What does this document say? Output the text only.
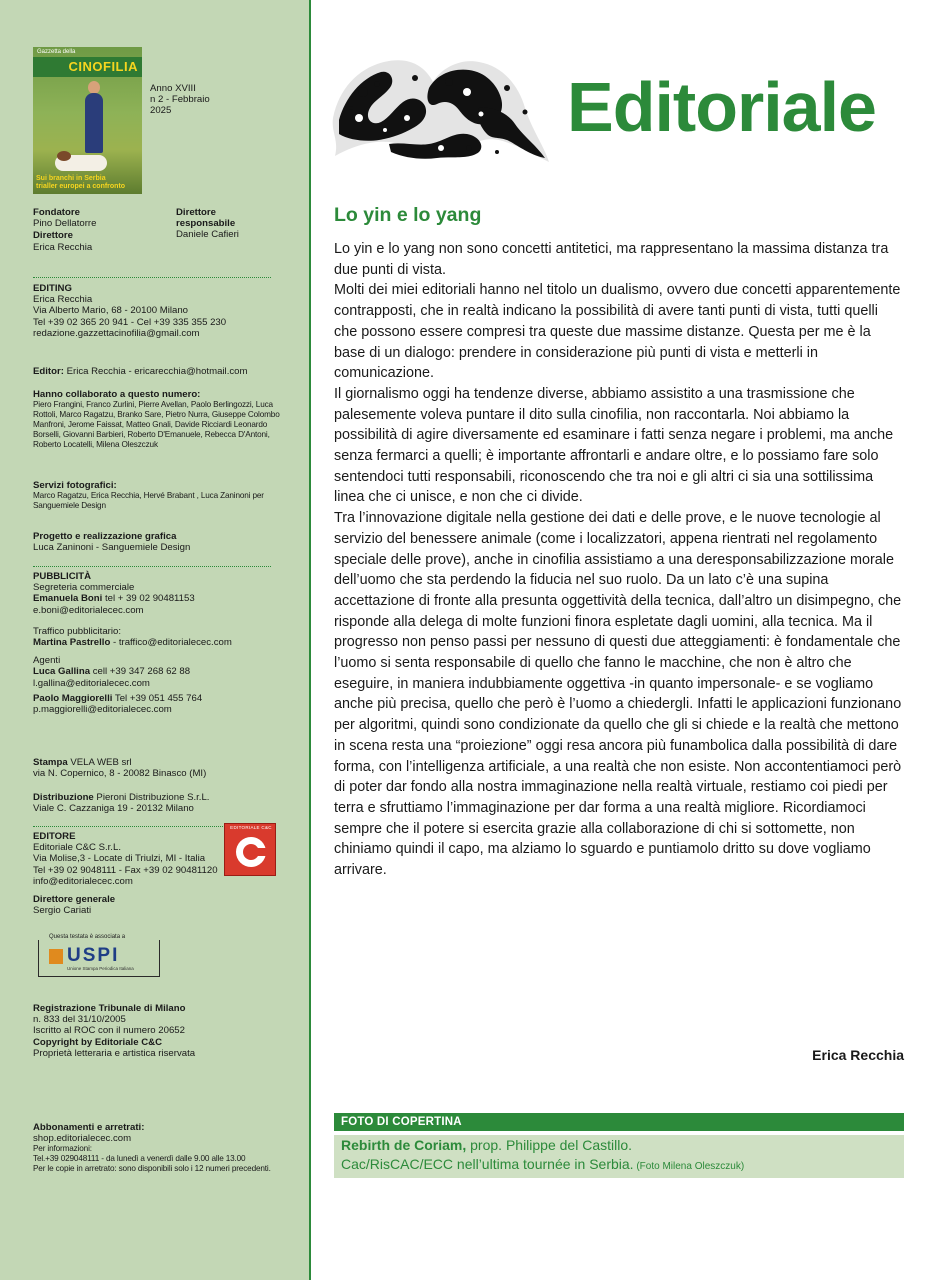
Gazzetta della
CINOFILIA
Sui branchi in Serbia
trialler europei a confronto
Anno XVIII
n 2 - Febbraio
2025
Fondatore
Pino Dellatorre
Direttore
Erica Recchia
Direttore responsabile
Daniele Cafieri
EDITING
Erica Recchia
Via Alberto Mario, 68 - 20100 Milano
Tel +39 02 365 20 941 - Cel +39 335 355 230
redazione.gazzettacinofilia@gmail.com
Editor: Erica Recchia - ericarecchia@hotmail.com
Hanno collaborato a questo numero:
Piero Frangini, Franco Zurlini, Pierre Avellan, Paolo Berlingozzi, Luca Rottoli, Marco Ragatzu, Branko Sare, Pietro Nurra, Giuseppe Colombo Manfroni, Jerome Faissat, Matteo Gnali, Davide Ricciardi Leonardo Borselli, Giovanni Barbieri, Roberto D'Emanuele, Rebecca D'Antoni, Roberto Locatelli, Milena Oleszczuk
Servizi fotografici:
Marco Ragatzu, Erica Recchia, Hervé Brabant , Luca Zaninoni per Sanguemiele Design
Progetto e realizzazione grafica
Luca Zaninoni - Sanguemiele Design
PUBBLICITÀ
Segreteria commerciale
Emanuela Boni tel + 39 02 90481153
e.boni@editorialecec.com
Traffico pubblicitario:
Martina Pastrello - traffico@editorialecec.com
Agenti
Luca Gallina cell +39 347 268 62 88
l.gallina@editorialecec.com
Paolo Maggiorelli Tel +39 051 455 764
p.maggiorelli@editorialecec.com
Stampa VELA WEB srl
via N. Copernico, 8 - 20082 Binasco (MI)
Distribuzione Pieroni Distribuzione S.r.L.
Viale C. Cazzaniga 19 - 20132 Milano
EDITORE
Editoriale C&C S.r.L.
Via Molise,3 - Locate di Triulzi, MI - Italia
Tel +39 02 9048111 - Fax +39 02 90481120
info@editorialecec.com
Direttore generale
Sergio Cariati
EDITORIALE C&C
Questa testata è associata a
USPI
Unione Stampa Periodica Italiana
Registrazione Tribunale di Milano
n. 833 del 31/10/2005
Iscritto al ROC con il numero 20652
Copyright by Editoriale C&C
Proprietà letteraria e artistica riservata
Abbonamenti e arretrati:
shop.editorialecec.com
Per informazioni:
Tel.+39 029048111 - da lunedì a venerdì dalle 9.00 alle 13.00
Per le copie in arretrato: sono disponibili solo i 12 numeri precedenti.
Editoriale
Lo yin e lo yang

Lo yin e lo yang non sono concetti antitetici, ma rappresentano la massima distanza tra due punti di vista.

Molti dei miei editoriali hanno nel titolo un dualismo, ovvero due concetti apparentemente contrapposti, che in realtà indicano la possibilità di avere tanti punti di vista, tutti quelli che possono essere compresi tra queste due massime distanze. Questa per me è la base di un dialogo: prendere in considerazione più punti di vista e metterli in comunicazione.

Il giornalismo oggi ha tendenze diverse, abbiamo assistito a una trasmissione che palesemente voleva puntare il dito sulla cinofilia, non raccontarla. Noi abbiamo la possibilità di agire diversamente ed esaminare i fatti senza negare i problemi, ma anche senza fermarci a quelli; è importante affrontarli e andare oltre, e lo possiamo fare solo sentendoci tutti responsabili, riconoscendo che tra noi e gli altri ci sia una sottilissima linea che ci unisce, e non che ci divide.

Tra l’innovazione digitale nella gestione dei dati e delle prove, e le nuove tecnologie al servizio del benessere animale (come i localizzatori, appena rientrati nel regolamento speciale delle prove), anche in cinofilia assistiamo a una deresponsabilizzazione morale dell’uomo che sta perdendo la fiducia nel suo ruolo. Da un lato c’è una supina accettazione di fronte alla presunta oggettività della tecnica, dall’altro un disimpegno, che risponde alla delega di molte funzioni finora espletate dagli uomini, alla tecnica. Ma il progresso non penso passi per nessuno di questi due atteggiamenti: è fondamentale che l’uomo si senta responsabile di quello che fanno le macchine, che non è altro che eseguire, in maniera indubbiamente oggettiva -in quanto impersonale- e se vogliamo anche più precisa, quello che però è l’uomo a chiedergli. Infatti le applicazioni funzionano per algoritmi, quindi sono condizionate da quello che gli si chiede e la realtà che mettono in scena resta una “proiezione” oggi resa ancora più funambolica dalla possibilità di dare forma, con l’intelligenza artificiale, a una realtà che non esiste. Non accontentiamoci però di poter dar fondo alla nostra immaginazione nella realtà virtuale, restiamo coi piedi per terra e sfruttiamo l’immaginazione per dar forma a una realtà migliore. Ricordiamoci sempre che il potere si esercita grazie alla collaborazione di chi si sottomette, non chiniamo quindi il capo, ma alziamo lo sguardo e puntiamolo dritto su dove vogliamo arrivare.

Erica Recchia
FOTO DI COPERTINA
Rebirth de Coriam, prop. Philippe del Castillo.
Cac/RisCAC/ECC nell’ultima tournée in Serbia. (Foto Milena Oleszczuk)
